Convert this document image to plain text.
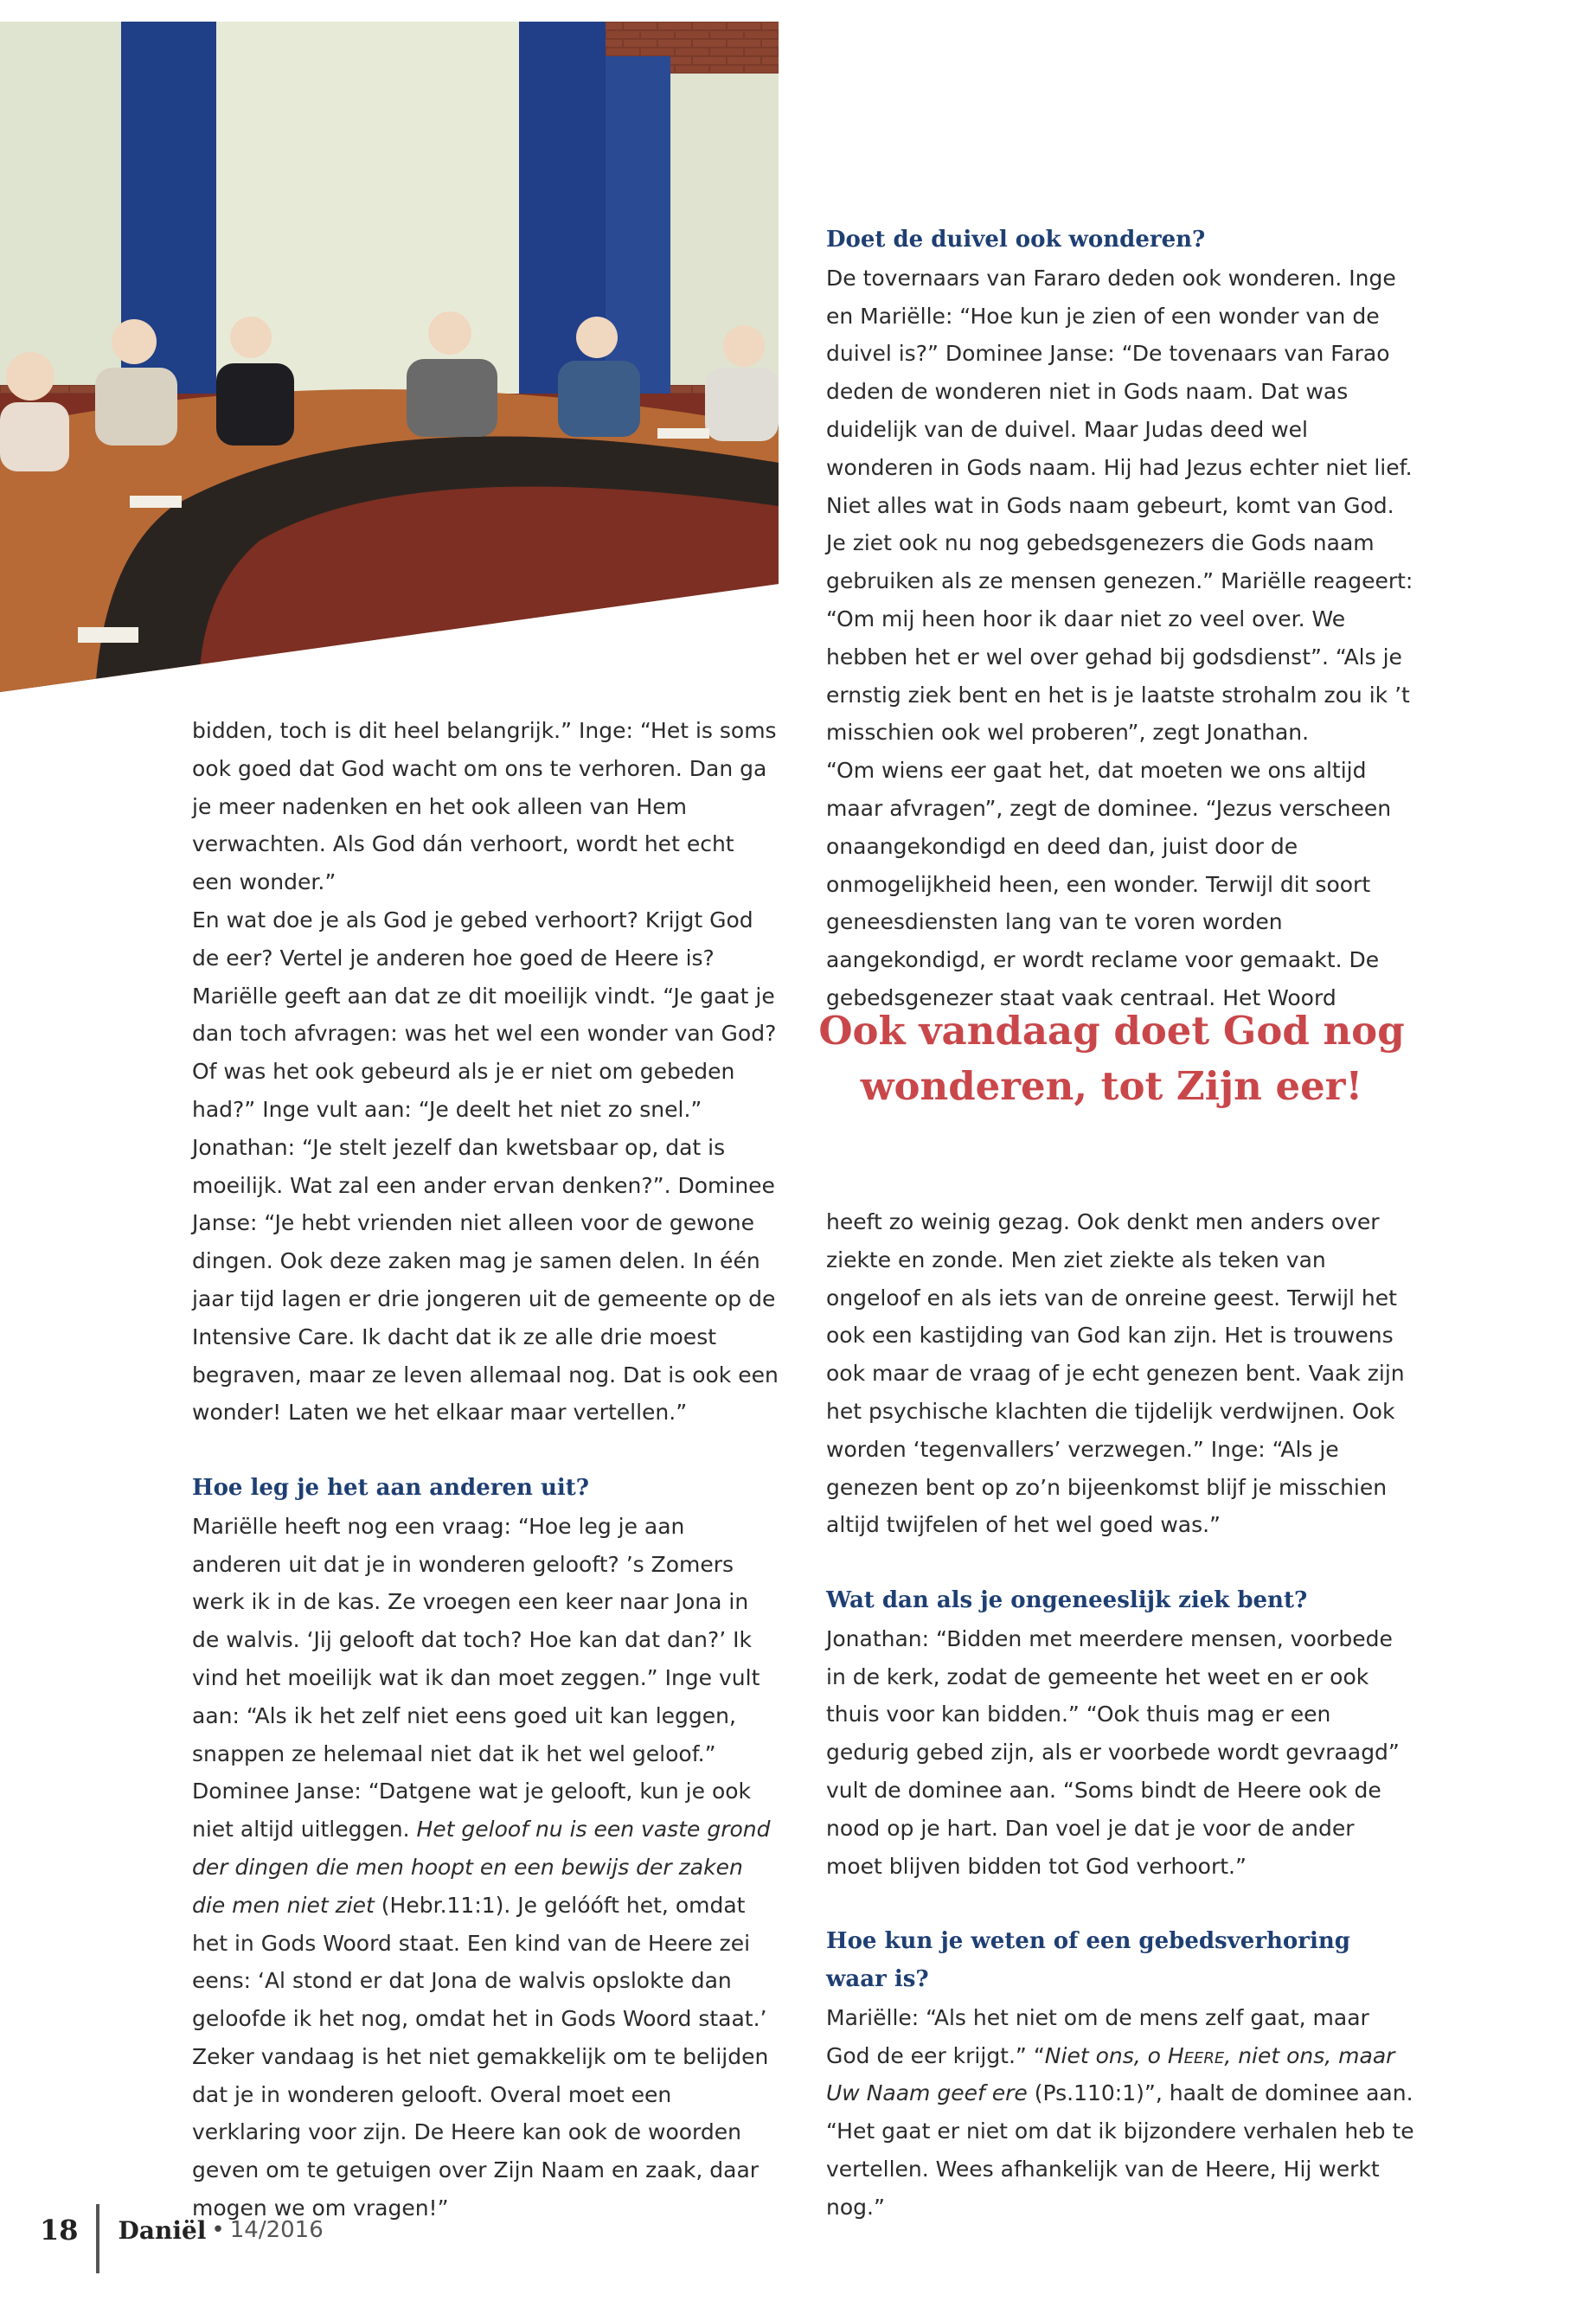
bidden, toch is dit heel belangrijk.” Inge: “Het is soms ook goed dat God wacht om ons te verhoren. Dan ga je meer nadenken en het ook alleen van Hem verwachten. Als God dán verhoort, wordt het echt een wonder.”

En wat doe je als God je gebed verhoort? Krijgt God de eer? Vertel je anderen hoe goed de Heere is? Mariëlle geeft aan dat ze dit moeilijk vindt. “Je gaat je dan toch afvragen: was het wel een wonder van God? Of was het ook gebeurd als je er niet om gebeden had?” Inge vult aan: “Je deelt het niet zo snel.” Jonathan: “Je stelt jezelf dan kwetsbaar op, dat is moeilijk. Wat zal een ander ervan denken?”. Dominee Janse: “Je hebt vrienden niet alleen voor de gewone dingen. Ook deze zaken mag je samen delen. In één jaar tijd lagen er drie jongeren uit de gemeente op de Intensive Care. Ik dacht dat ik ze alle drie moest begraven, maar ze leven allemaal nog. Dat is ook een wonder! Laten we het elkaar maar vertellen.”

Hoe leg je het aan anderen uit?

Mariëlle heeft nog een vraag: “Hoe leg je aan anderen uit dat je in wonderen gelooft? ’s Zomers werk ik in de kas. Ze vroegen een keer naar Jona in de walvis. ‘Jij gelooft dat toch? Hoe kan dat dan?’ Ik vind het moeilijk wat ik dan moet zeggen.” Inge vult aan: “Als ik het zelf niet eens goed uit kan leggen, snappen ze helemaal niet dat ik het wel geloof.” Dominee Janse: “Datgene wat je gelooft, kun je ook niet altijd uitleggen. Het geloof nu is een vaste grond der dingen die men hoopt en een bewijs der zaken die men niet ziet (Hebr.11:1). Je gelóóft het, omdat het in Gods Woord staat. Een kind van de Heere zei eens: ‘Al stond er dat Jona de walvis opslokte dan geloofde ik het nog, omdat het in Gods Woord staat.’ Zeker vandaag is het niet gemakkelijk om te belijden dat je in wonderen gelooft. Overal moet een verklaring voor zijn. De Heere kan ook de woorden geven om te getuigen over Zijn Naam en zaak, daar mogen we om vragen!”

Doet de duivel ook wonderen?

De tovernaars van Fararo deden ook wonderen. Inge en Mariëlle: “Hoe kun je zien of een wonder van de duivel is?” Dominee Janse: “De tovenaars van Farao deden de wonderen niet in Gods naam. Dat was duidelijk van de duivel. Maar Judas deed wel wonderen in Gods naam. Hij had Jezus echter niet lief. Niet alles wat in Gods naam gebeurt, komt van God. Je ziet ook nu nog gebedsgenezers die Gods naam gebruiken als ze mensen genezen.” Mariëlle reageert: “Om mij heen hoor ik daar niet zo veel over. We hebben het er wel over gehad bij godsdienst”. “Als je ernstig ziek bent en het is je laatste strohalm zou ik ’t misschien ook wel proberen”, zegt Jonathan.

“Om wiens eer gaat het, dat moeten we ons altijd maar afvragen”, zegt de dominee. “Jezus verscheen onaangekondigd en deed dan, juist door de onmogelijkheid heen, een wonder. Terwijl dit soort geneesdiensten lang van te voren worden aangekondigd, er wordt reclame voor gemaakt. De gebedsgenezer staat vaak centraal. Het Woord

Ook vandaag doet God nog
wonderen, tot Zijn eer!

heeft zo weinig gezag. Ook denkt men anders over ziekte en zonde. Men ziet ziekte als teken van ongeloof en als iets van de onreine geest. Terwijl het ook een kastijding van God kan zijn. Het is trouwens ook maar de vraag of je echt genezen bent. Vaak zijn het psychische klachten die tijdelijk verdwijnen. Ook worden ‘tegenvallers’ verzwegen.” Inge: “Als je genezen bent op zo’n bijeenkomst blijf je misschien altijd twijfelen of het wel goed was.”

Wat dan als je ongeneeslijk ziek bent?

Jonathan: “Bidden met meerdere mensen, voorbede in de kerk, zodat de gemeente het weet en er ook thuis voor kan bidden.” “Ook thuis mag er een gedurig gebed zijn, als er voorbede wordt gevraagd” vult de dominee aan. “Soms bindt de Heere ook de nood op je hart. Dan voel je dat je voor de ander moet blijven bidden tot God verhoort.”

Hoe kun je weten of een gebedsverhoring waar is?

Mariëlle: “Als het niet om de mens zelf gaat, maar God de eer krijgt.” “Niet ons, o Heere, niet ons, maar Uw Naam geef ere (Ps.110:1)”, haalt de dominee aan. “Het gaat er niet om dat ik bijzondere verhalen heb te vertellen. Wees afhankelijk van de Heere, Hij werkt nog.”

18 Daniël • 14/2016
